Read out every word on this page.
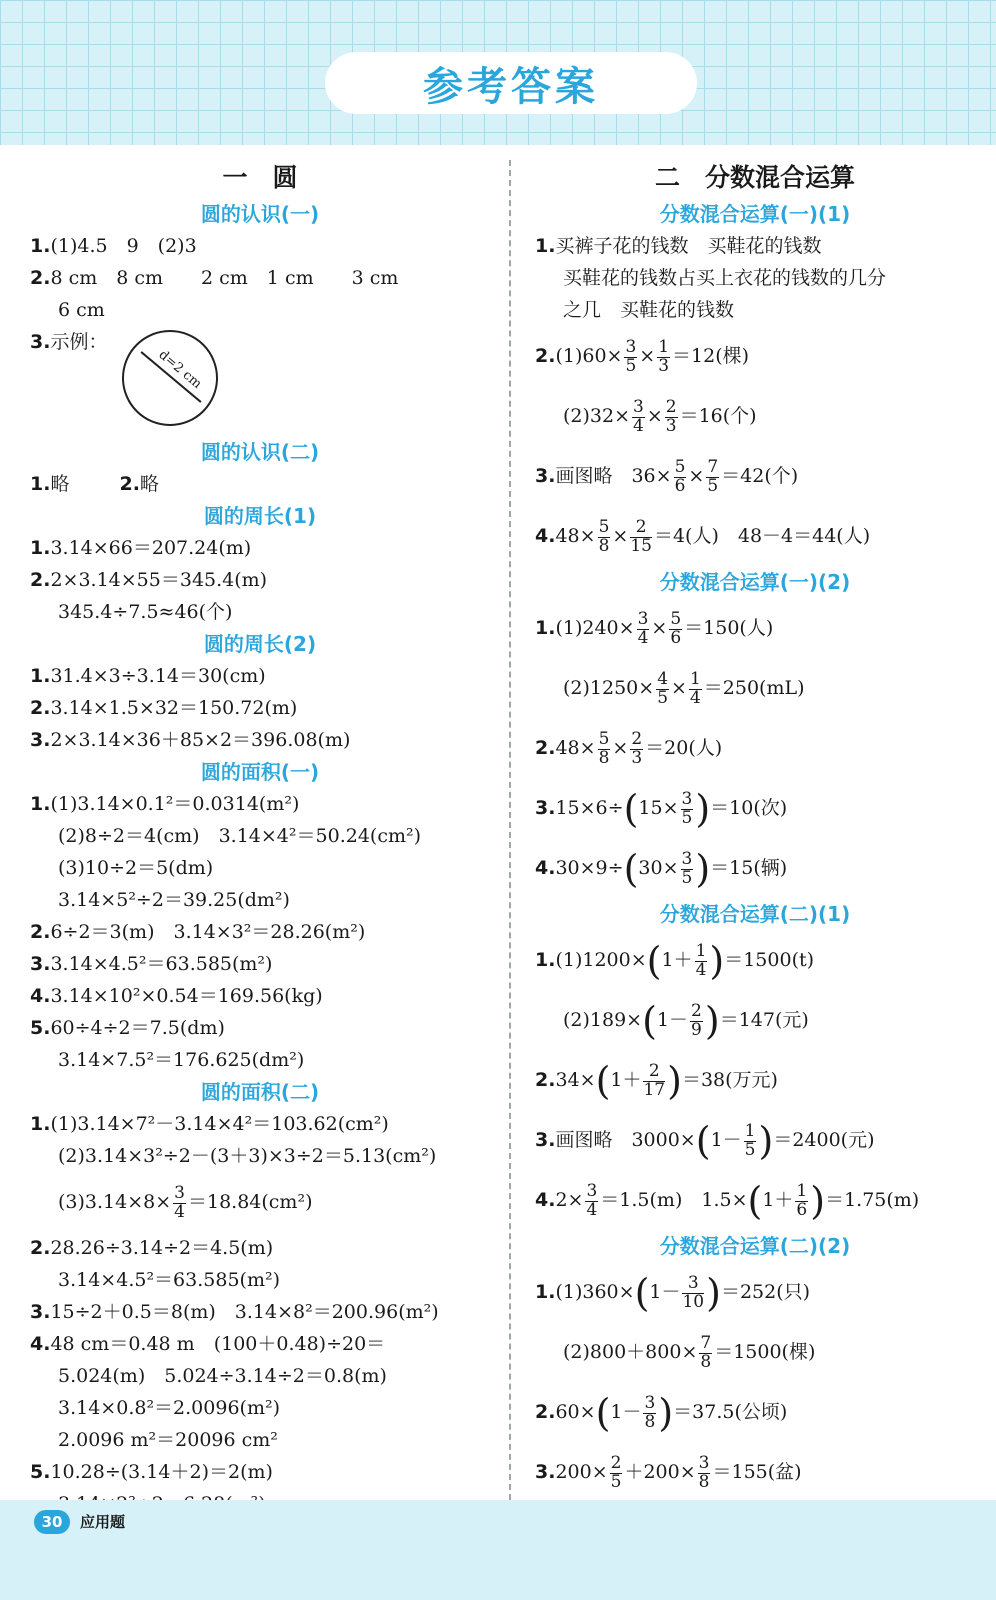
参考答案
一　圆
圆的认识(一)
1.(1)4.5　9　(2)3
2.8 cm　8 cm　　2 cm　1 cm　　3 cm
6 cm
3.示例：
d=2 cm
圆的认识(二)
1.略	2.略
圆的周长(1)
1.3.14×66＝207.24(m)
2.2×3.14×55＝345.4(m)
345.4÷7.5≈46(个)
圆的周长(2)
1.31.4×3÷3.14＝30(cm)
2.3.14×1.5×32＝150.72(m)
3.2×3.14×36＋85×2＝396.08(m)
圆的面积(一)
1.(1)3.14×0.1²＝0.0314(m²)
(2)8÷2＝4(cm)　3.14×4²＝50.24(cm²)
(3)10÷2＝5(dm)
3.14×5²÷2＝39.25(dm²)
2.6÷2＝3(m)　3.14×3²＝28.26(m²)
3.3.14×4.5²＝63.585(m²)
4.3.14×10²×0.54＝169.56(kg)
5.60÷4÷2＝7.5(dm)
3.14×7.5²＝176.625(dm²)
圆的面积(二)
1.(1)3.14×7²－3.14×4²＝103.62(cm²)
(2)3.14×3²÷2－(3＋3)×3÷2＝5.13(cm²)
$(3)3.14\times 8\times \frac{3}{4} =18.84(cm^2)$
2.28.26÷3.14÷2＝4.5(m)
3.14×4.5²＝63.585(m²)
3.15÷2＋0.5＝8(m)　3.14×8²＝200.96(m²)
4.48 cm＝0.48 m　(100＋0.48)÷20＝
5.024(m)　5.024÷3.14÷2＝0.8(m)
3.14×0.8²＝2.0096(m²)
2.0096 m²＝20096 cm²
5.10.28÷(3.14＋2)＝2(m)
二　分数混合运算
分数混合运算(一)(1)
1.买裤子花的钱数　买鞋花的钱数
买鞋花的钱数占买上衣花的钱数的几分
之几　买鞋花的钱数
$2.(1)60\times \frac{3}{5} \times \frac{1}{3} =12$(棵)
$(2)32\times \frac{3}{4} \times \frac{2}{3} =16$(个)
3.画图略　$36\times \frac{5}{6} \times \frac{7}{5} =42$(个)
$4.48\times \frac{5}{8} \times \frac{2}{15} =4$(人)　48－4＝44(人)
分数混合运算(一)(2)
$1.(1)240\times \frac{3}{4} \times \frac{5}{6} =150$(人)
$(2)1250\times \frac{4}{5} \times \frac{1}{4} =250(mL)$
$2.48\times \frac{5}{8} \times \frac{2}{3} =20$(人)
$3.15\times 6\div(15\times \frac{3}{5} )=10$(次)
$4.30\times 9\div(30\times \frac{3}{5} )=15$(辆)
分数混合运算(二)(1)
$1.(1)1200\times(1+ \frac{1}{4} )=1500(t)$
$(2)189\times(1- \frac{2}{9} )=147$(元)
$2.34\times(1+ \frac{2}{17} )=38$(万元)
3.画图略　$3000\times(1- \frac{1}{5} )=2400$(元)
$4.2\times \frac{3}{4} =1.5(m)$　$1.5\times(1+ \frac{1}{6} )=1.75(m)$
分数混合运算(二)(2)
$1.(1)360\times(1- \frac{3}{10} )=252$(只)
$(2)800+800\times \frac{7}{8} =1500$(棵)
$2.60\times(1- \frac{3}{8} )=37.5$(公顷)
$3.200\times \frac{2}{5} +200\times \frac{3}{8} =155$(盆)
30	应用题
